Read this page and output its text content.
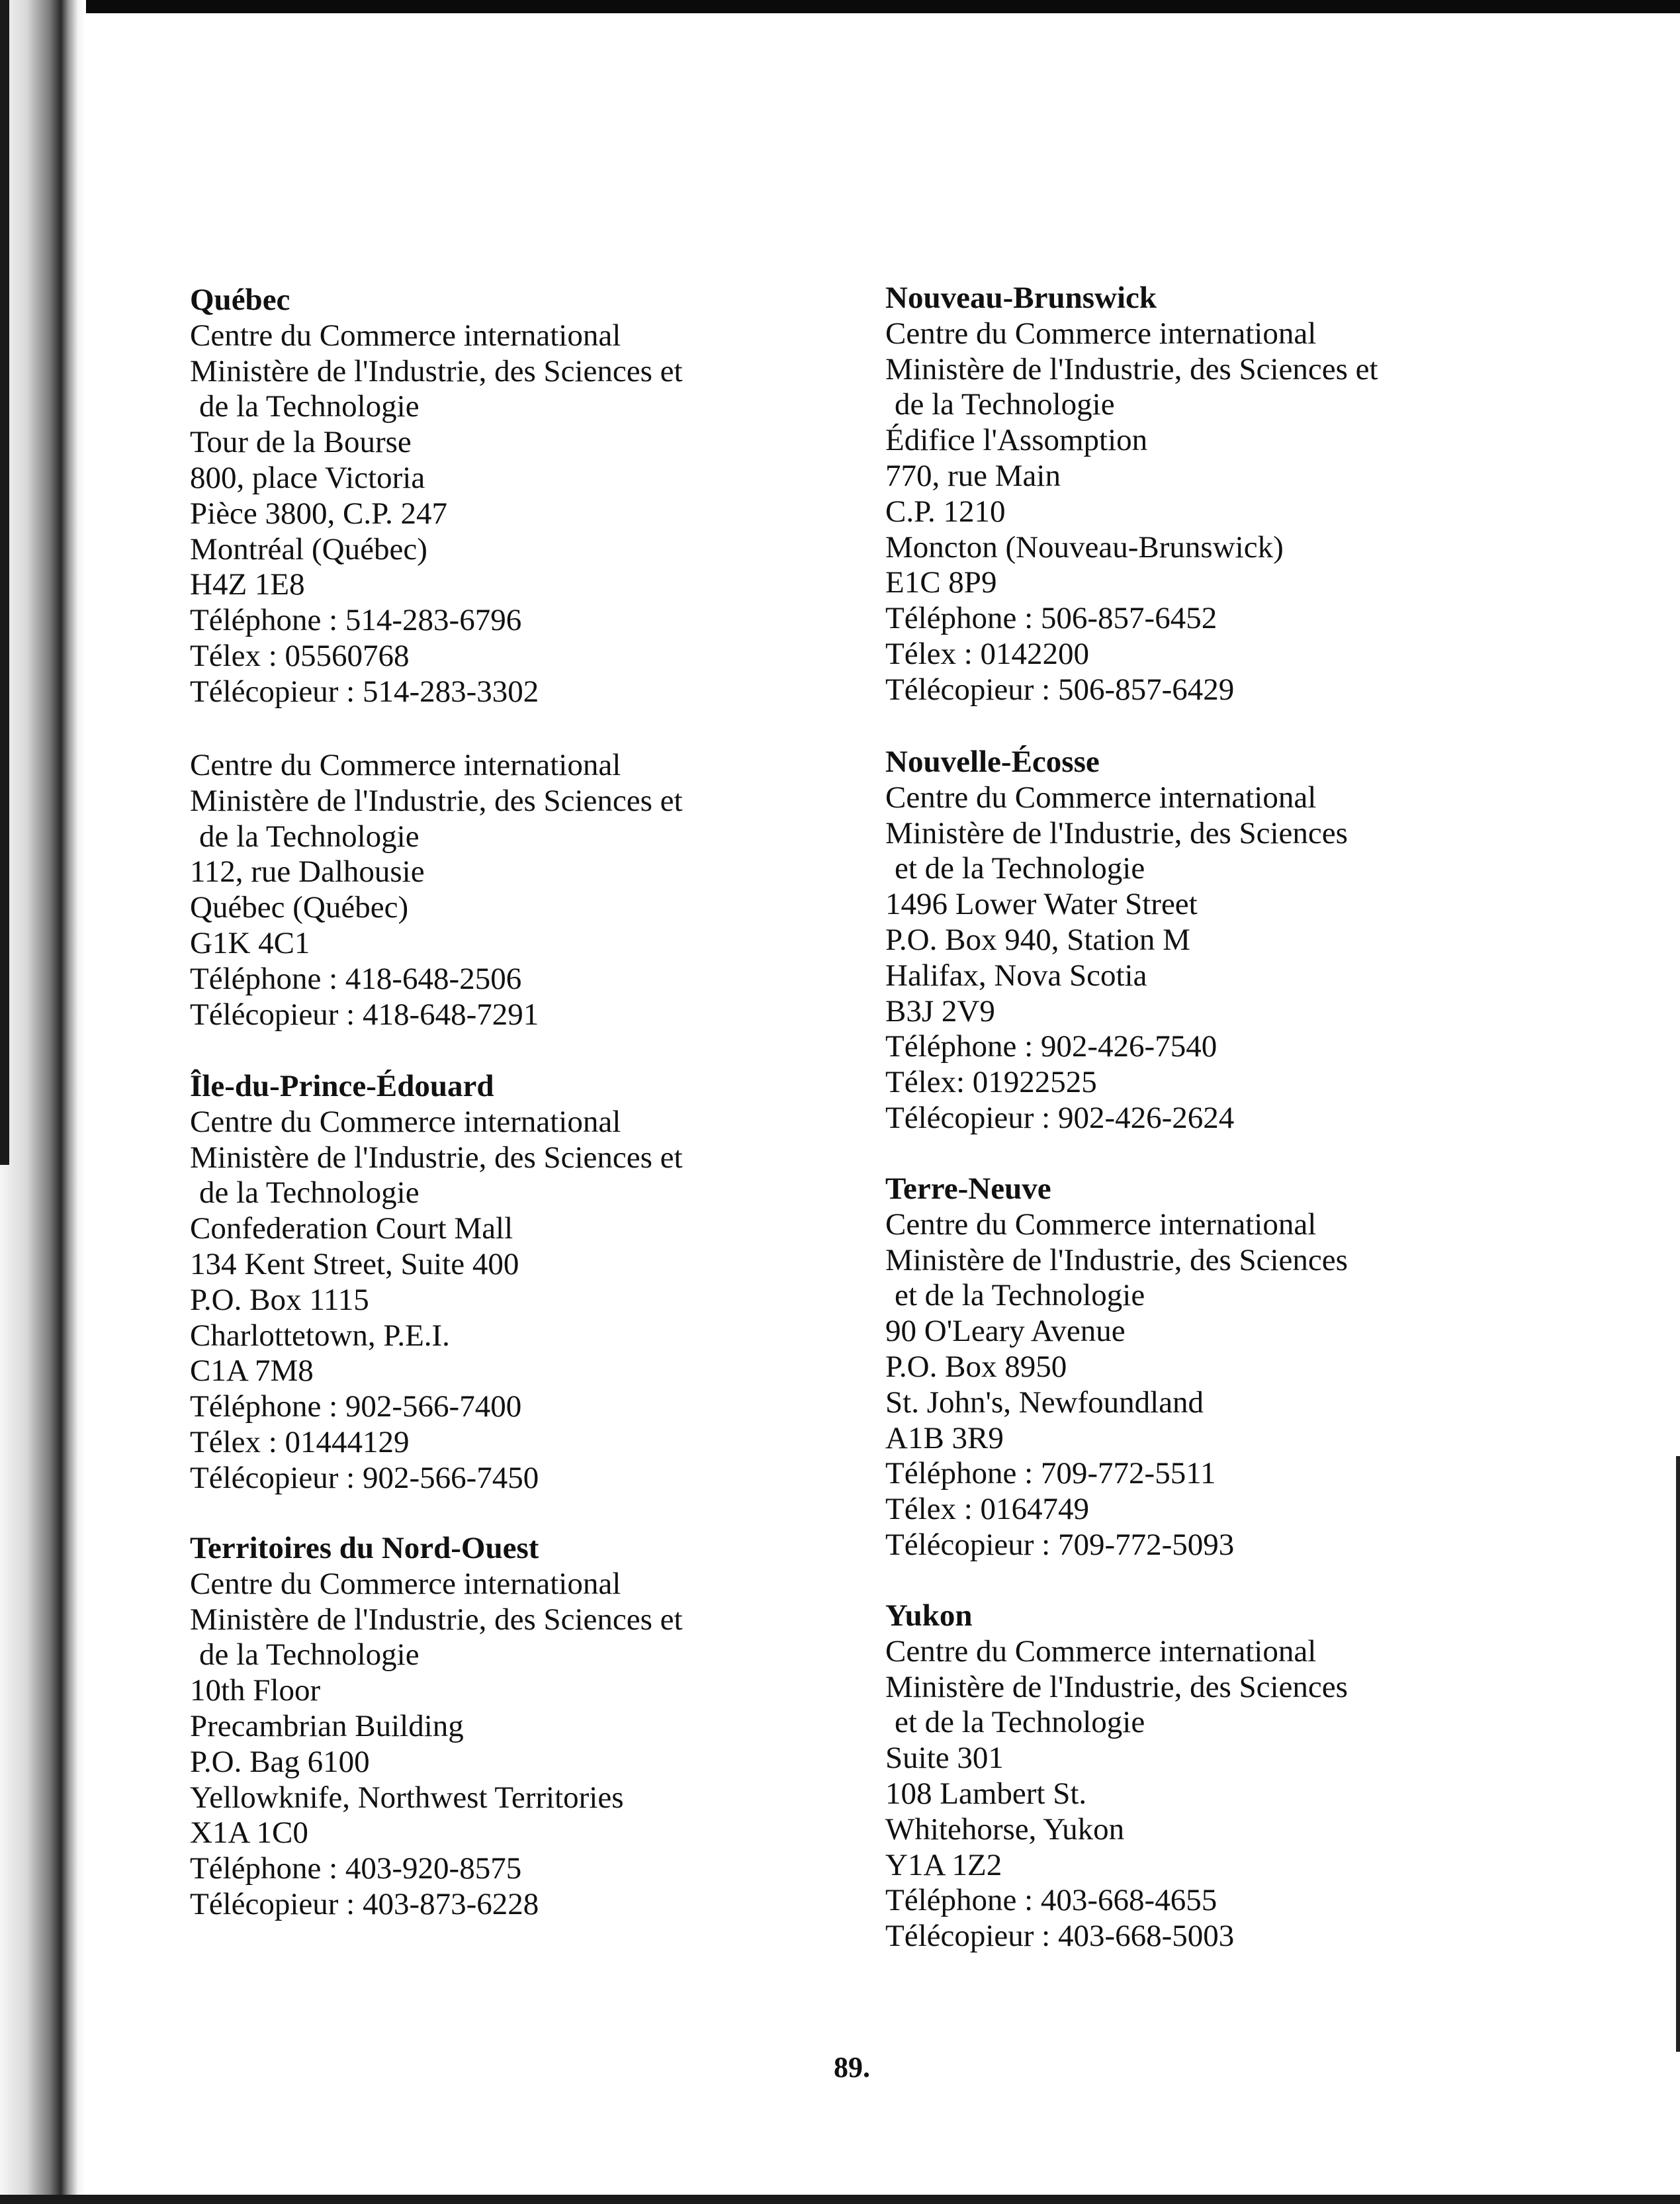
Québec
Centre du Commerce international
Ministère de l'Industrie, des Sciences et
de la Technologie
Tour de la Bourse
800, place Victoria
Pièce 3800, C.P. 247
Montréal (Québec)
H4Z 1E8
Téléphone : 514-283-6796
Télex : 05560768
Télécopieur : 514-283-3302
Centre du Commerce international
Ministère de l'Industrie, des Sciences et
de la Technologie
112, rue Dalhousie
Québec (Québec)
G1K 4C1
Téléphone : 418-648-2506
Télécopieur : 418-648-7291
Île-du-Prince-Édouard
Centre du Commerce international
Ministère de l'Industrie, des Sciences et
de la Technologie
Confederation Court Mall
134 Kent Street, Suite 400
P.O. Box 1115
Charlottetown, P.E.I.
C1A 7M8
Téléphone : 902-566-7400
Télex : 01444129
Télécopieur : 902-566-7450
Territoires du Nord-Ouest
Centre du Commerce international
Ministère de l'Industrie, des Sciences et
de la Technologie
10th Floor
Precambrian Building
P.O. Bag 6100
Yellowknife, Northwest Territories
X1A 1C0
Téléphone : 403-920-8575
Télécopieur : 403-873-6228
Nouveau-Brunswick
Centre du Commerce international
Ministère de l'Industrie, des Sciences et
de la Technologie
Édifice l'Assomption
770, rue Main
C.P. 1210
Moncton (Nouveau-Brunswick)
E1C 8P9
Téléphone : 506-857-6452
Télex : 0142200
Télécopieur : 506-857-6429
Nouvelle-Écosse
Centre du Commerce international
Ministère de l'Industrie, des Sciences
et de la Technologie
1496 Lower Water Street
P.O. Box 940, Station M
Halifax, Nova Scotia
B3J 2V9
Téléphone : 902-426-7540
Télex: 01922525
Télécopieur : 902-426-2624
Terre-Neuve
Centre du Commerce international
Ministère de l'Industrie, des Sciences
et de la Technologie
90 O'Leary Avenue
P.O. Box 8950
St. John's, Newfoundland
A1B 3R9
Téléphone : 709-772-5511
Télex : 0164749
Télécopieur : 709-772-5093
Yukon
Centre du Commerce international
Ministère de l'Industrie, des Sciences
et de la Technologie
Suite 301
108 Lambert St.
Whitehorse, Yukon
Y1A 1Z2
Téléphone : 403-668-4655
Télécopieur : 403-668-5003
89.
